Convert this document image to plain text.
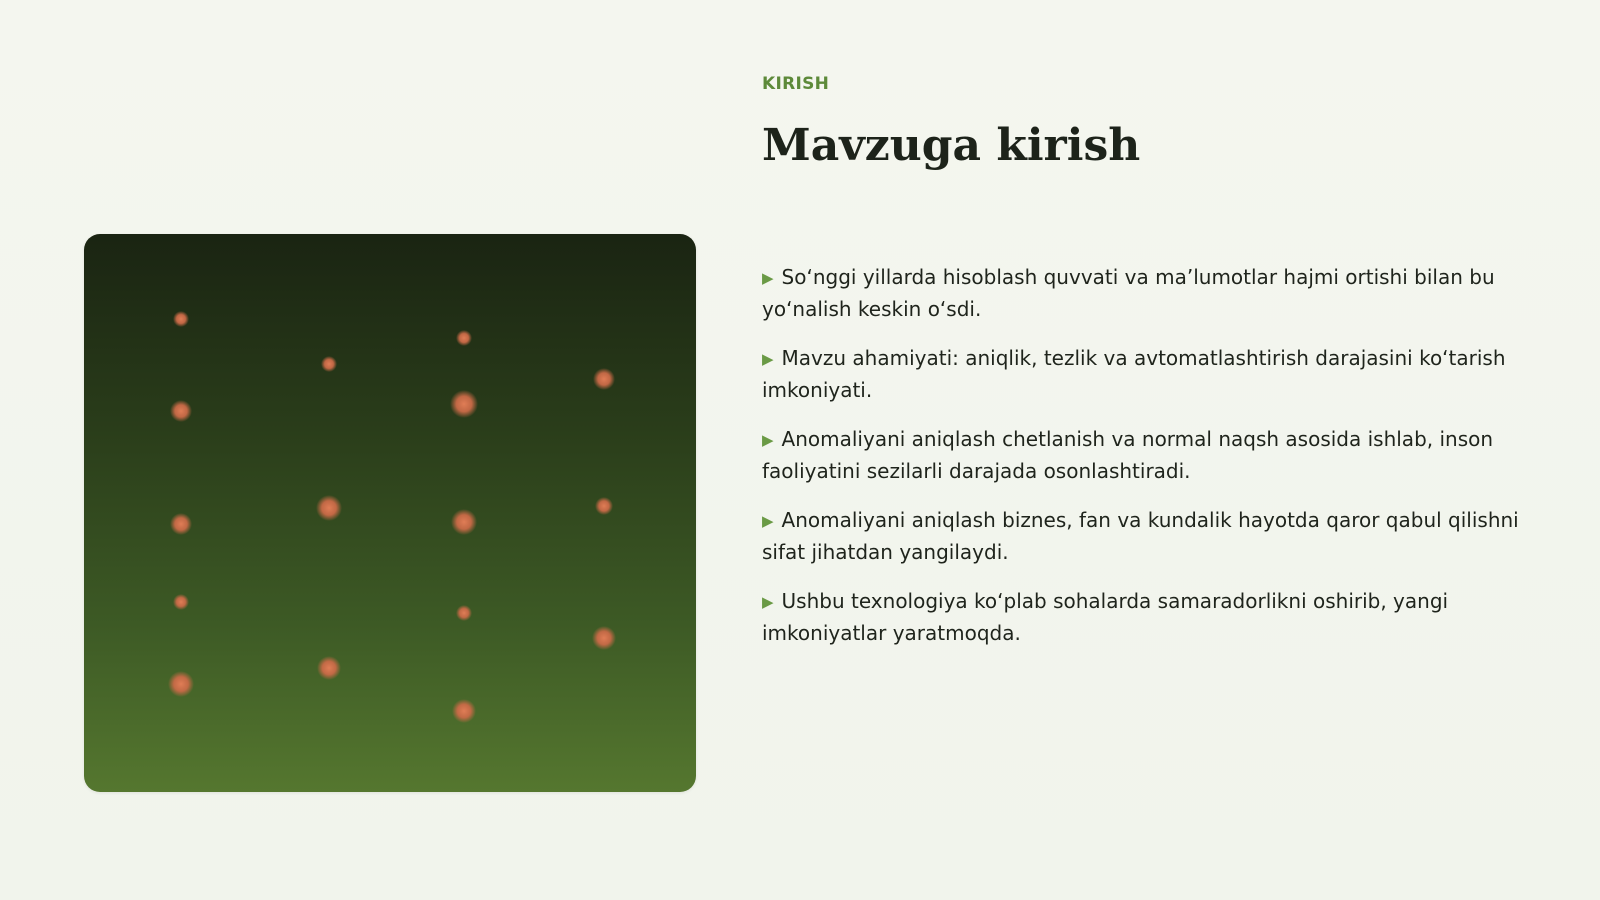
KIRISH

Mavzuga kirish
▶ So‘nggi yillarda hisoblash quvvati va ma’lumotlar hajmi ortishi bilan bu yo‘nalish keskin o‘sdi.
▶ Mavzu ahamiyati: aniqlik, tezlik va avtomatlashtirish darajasini ko‘tarish imkoniyati.
▶ Anomaliyani aniqlash chetlanish va normal naqsh asosida ishlab, inson faoliyatini sezilarli darajada osonlashtiradi.
▶ Anomaliyani aniqlash biznes, fan va kundalik hayotda qaror qabul qilishni sifat jihatdan yangilaydi.
▶ Ushbu texnologiya ko‘plab sohalarda samaradorlikni oshirib, yangi imkoniyatlar yaratmoqda.
